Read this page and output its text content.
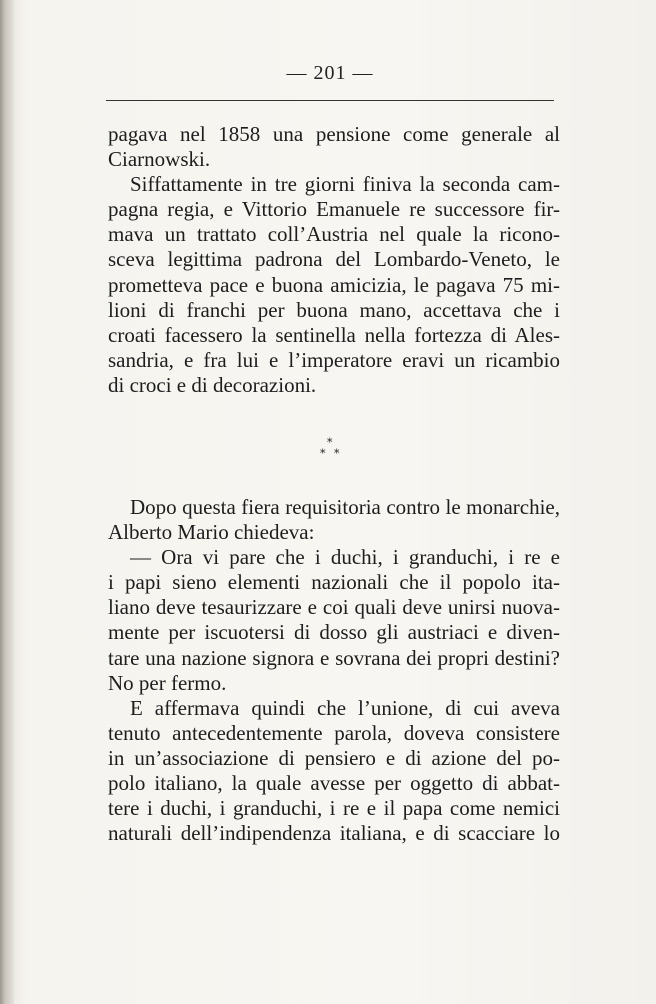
— 201 —
pagava nel 1858 una pensione come generale al
Ciarnowski.
Siffattamente in tre giorni finiva la seconda cam-
pagna regia, e Vittorio Emanuele re successore fir-
mava un trattato coll’Austria nel quale la ricono-
sceva legittima padrona del Lombardo-Veneto, le
prometteva pace e buona amicizia, le pagava 75 mi-
lioni di franchi per buona mano, accettava che i
croati facessero la sentinella nella fortezza di Ales-
sandria, e fra lui e l’imperatore eravi un ricambio
di croci e di decorazioni.
*
* *
Dopo questa fiera requisitoria contro le monarchie,
Alberto Mario chiedeva:
— Ora vi pare che i duchi, i granduchi, i re e
i papi sieno elementi nazionali che il popolo ita-
liano deve tesaurizzare e coi quali deve unirsi nuova-
mente per iscuotersi di dosso gli austriaci e diven-
tare una nazione signora e sovrana dei propri destini?
No per fermo.
E affermava quindi che l’unione, di cui aveva
tenuto antecedentemente parola, doveva consistere
in un’associazione di pensiero e di azione del po-
polo italiano, la quale avesse per oggetto di abbat-
tere i duchi, i granduchi, i re e il papa come nemici
naturali dell’indipendenza italiana, e di scacciare lo
